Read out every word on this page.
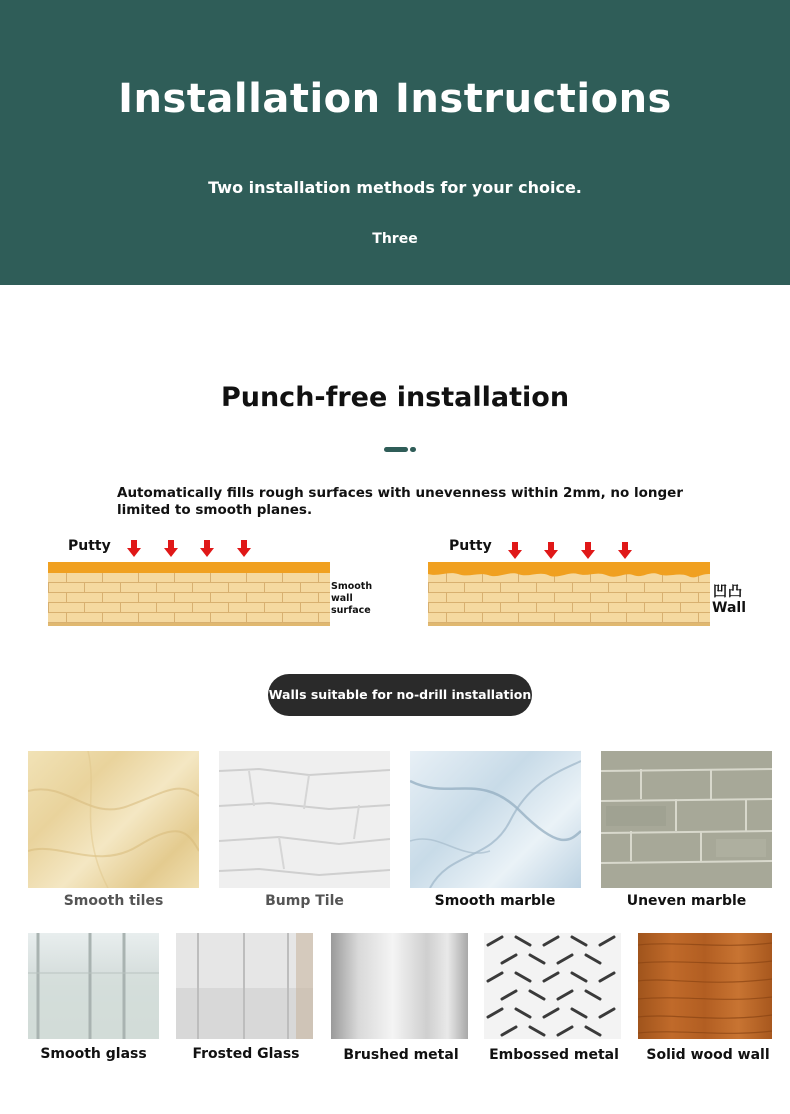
Installation Instructions
Two installation methods for your choice.
Three
Punch-free installation
Automatically fills rough surfaces with unevenness within 2mm, no longer limited to smooth planes.
Putty
Smooth
wall
surface
Putty
凹凸
Wall
Walls suitable for no-drill installation
Smooth tiles	Bump Tile	Smooth marble	Uneven marble
Smooth glass	Frosted Glass	Brushed metal	Embossed metal	Solid wood wall
